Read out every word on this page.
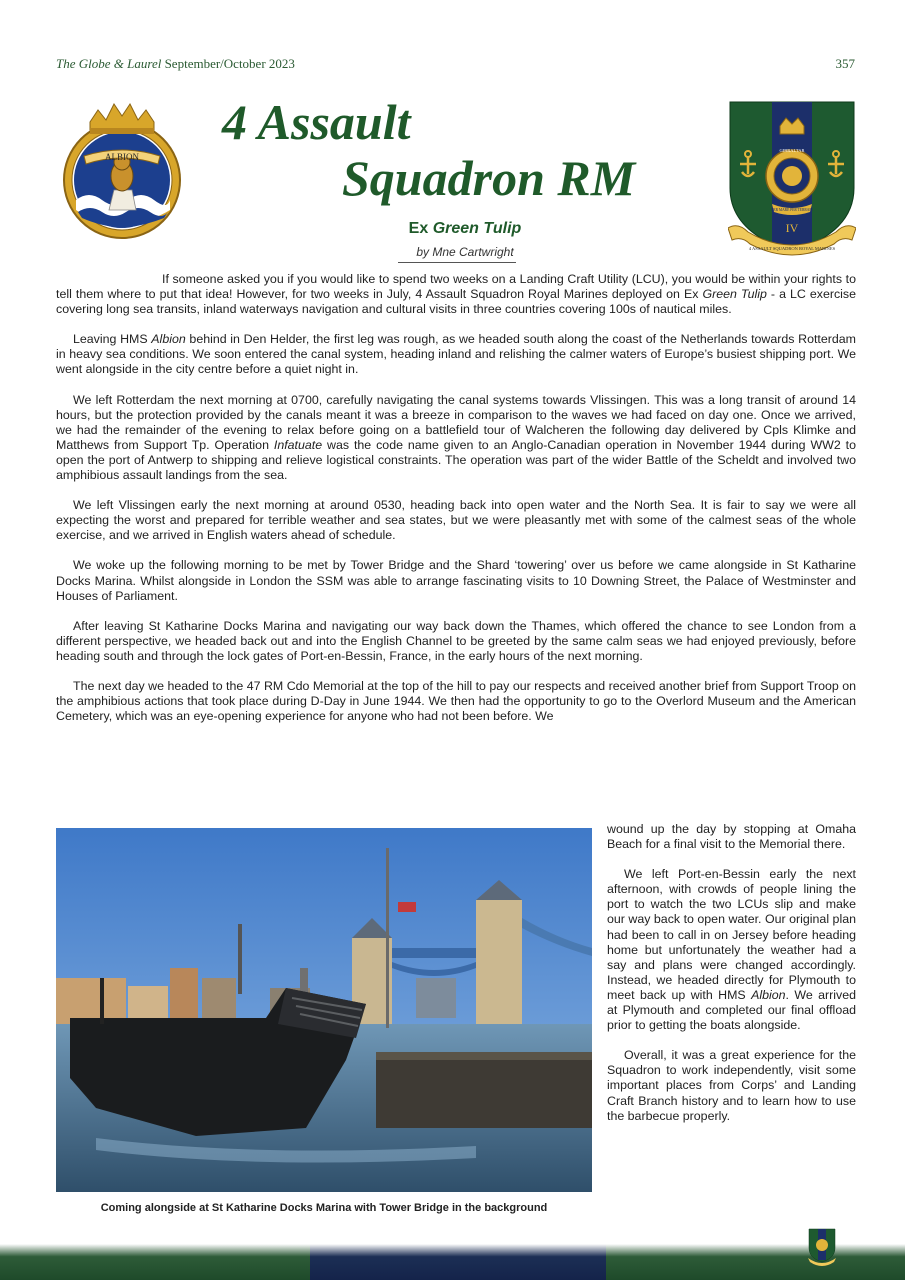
The Globe & Laurel September/October 2023	357
ALBION
4 Assault
Squadron RM
Ex Green Tulip
by Mne Cartwright
GIBRALTAR
PER MARE PER TERRAM
IV
4 ASSAULT SQUADRON ROYAL MARINES

If someone asked you if you would like to spend two weeks on a Landing Craft Utility (LCU), you would be within your rights to tell them where to put that idea! However, for two weeks in July, 4 Assault Squadron Royal Marines deployed on Ex Green Tulip - a LC exercise covering long sea transits, inland waterways navigation and cultural visits in three countries covering 100s of nautical miles.

Leaving HMS Albion behind in Den Helder, the first leg was rough, as we headed south along the coast of the Netherlands towards Rotterdam in heavy sea conditions. We soon entered the canal system, heading inland and relishing the calmer waters of Europe’s busiest shipping port. We went alongside in the city centre before a quiet night in.

We left Rotterdam the next morning at 0700, carefully navigating the canal systems towards Vlissingen. This was a long transit of around 14 hours, but the protection provided by the canals meant it was a breeze in comparison to the waves we had faced on day one. Once we arrived, we had the remainder of the evening to relax before going on a battlefield tour of Walcheren the following day delivered by Cpls Klimke and Matthews from Support Tp. Operation Infatuate was the code name given to an Anglo-Canadian operation in November 1944 during WW2 to open the port of Antwerp to shipping and relieve logistical constraints. The operation was part of the wider Battle of the Scheldt and involved two amphibious assault landings from the sea.

We left Vlissingen early the next morning at around 0530, heading back into open water and the North Sea. It is fair to say we were all expecting the worst and prepared for terrible weather and sea states, but we were pleasantly met with some of the calmest seas of the whole exercise, and we arrived in English waters ahead of schedule.

We woke up the following morning to be met by Tower Bridge and the Shard ‘towering’ over us before we came alongside in St Katharine Docks Marina. Whilst alongside in London the SSM was able to arrange fascinating visits to 10 Downing Street, the Palace of Westminster and Houses of Parliament.

After leaving St Katharine Docks Marina and navigating our way back down the Thames, which offered the chance to see London from a different perspective, we headed back out and into the English Channel to be greeted by the same calm seas we had enjoyed previously, before heading south and through the lock gates of Port-en-Bessin, France, in the early hours of the next morning.

The next day we headed to the 47 RM Cdo Memorial at the top of the hill to pay our respects and received another brief from Support Troop on the amphibious actions that took place during D-Day in June 1944. We then had the opportunity to go to the Overlord Museum and the American Cemetery, which was an eye-opening experience for anyone who had not been before. We

Coming alongside at St Katharine Docks Marina with Tower Bridge in the background

wound up the day by stopping at Omaha Beach for a final visit to the Memorial there.

We left Port-en-Bessin early the next afternoon, with crowds of people lining the port to watch the two LCUs slip and make our way back to open water. Our original plan had been to call in on Jersey before heading home but unfortunately the weather had a say and plans were changed accordingly. Instead, we headed directly for Plymouth to meet back up with HMS Albion. We arrived at Plymouth and completed our final offload prior to getting the boats alongside.

Overall, it was a great experience for the Squadron to work independently, visit some important places from Corps’ and Landing Craft Branch history and to learn how to use the barbecue properly.
